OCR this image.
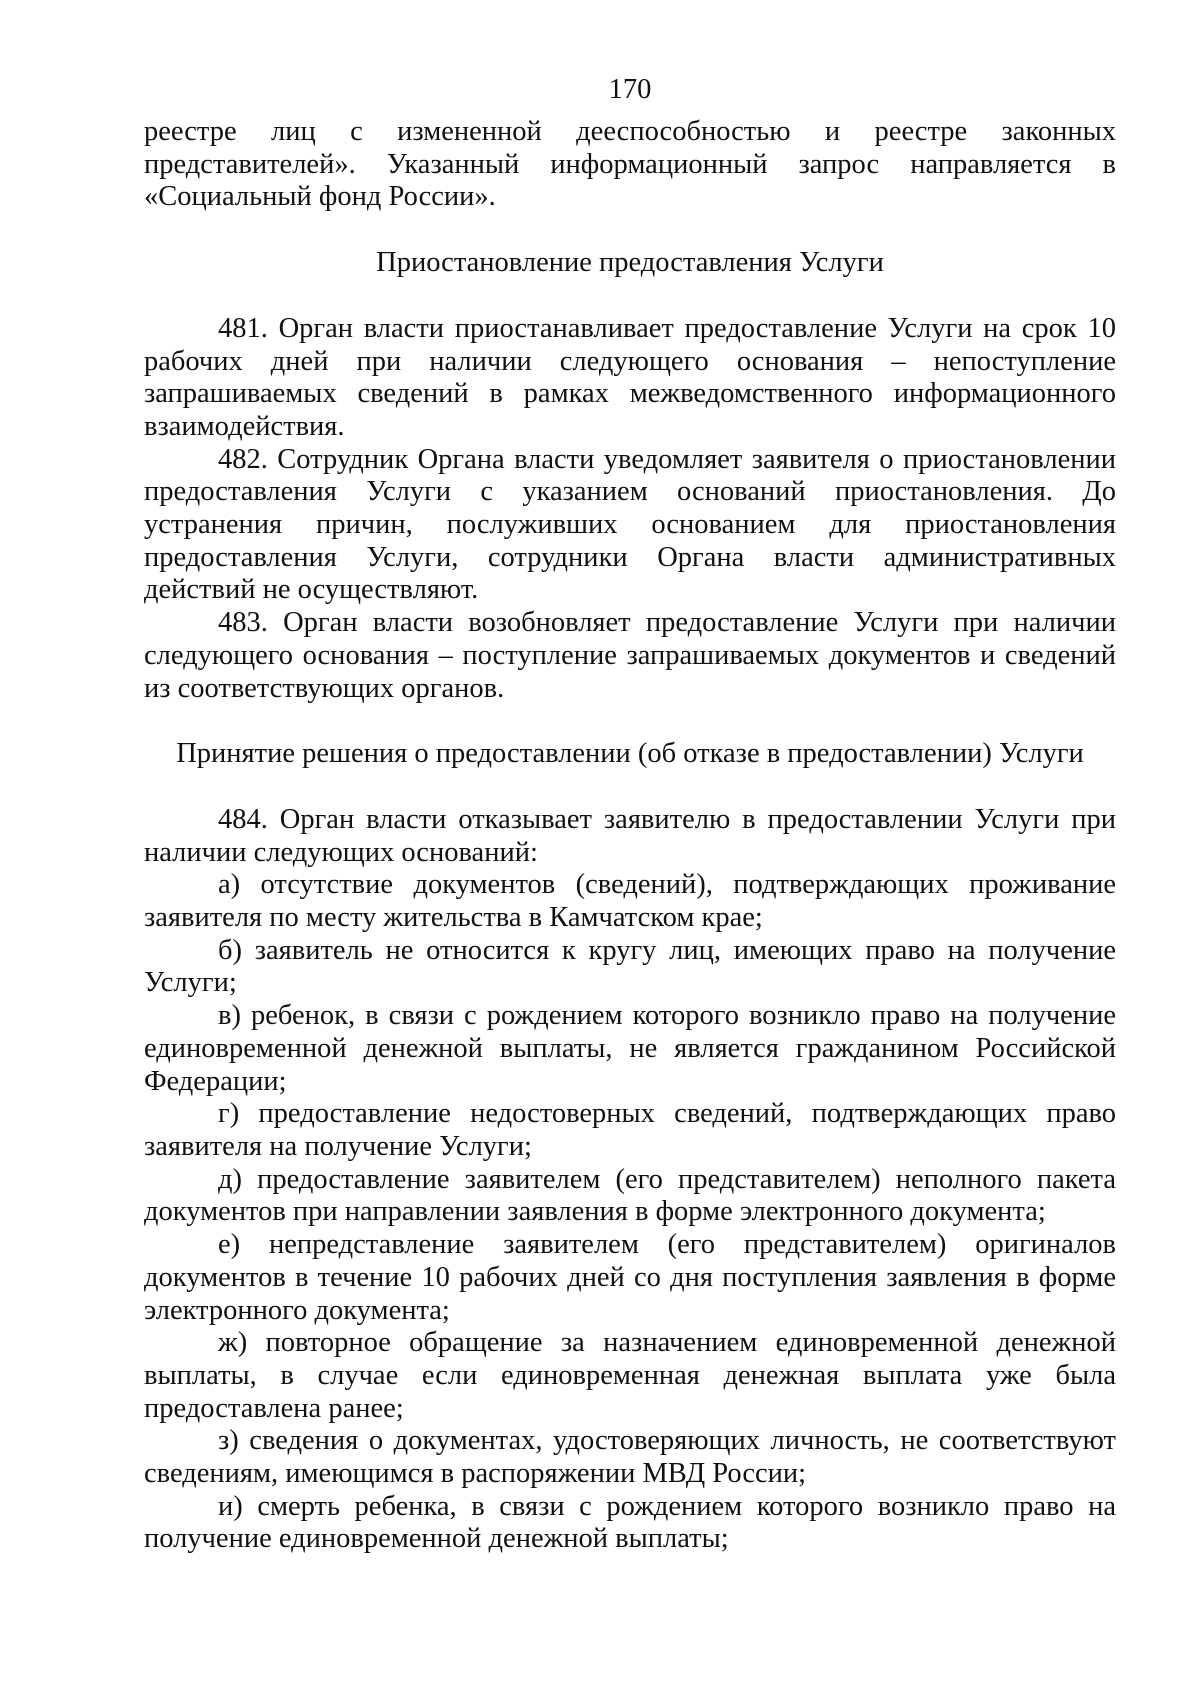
170

реестре лиц с измененной дееспособностью и реестре законных представителей». Указанный информационный запрос направляется в «Социальный фонд России».

Приостановление предоставления Услуги

481. Орган власти приостанавливает предоставление Услуги на срок 10 рабочих дней при наличии следующего основания – непоступление запрашиваемых сведений в рамках межведомственного информационного взаимодействия.

482. Сотрудник Органа власти уведомляет заявителя о приостановлении предоставления Услуги с указанием оснований приостановления. До устранения причин, послуживших основанием для приостановления предоставления Услуги, сотрудники Органа власти административных действий не осуществляют.

483. Орган власти возобновляет предоставление Услуги при наличии следующего основания – поступление запрашиваемых документов и сведений из соответствующих органов.

Принятие решения о предоставлении (об отказе в предоставлении) Услуги

484. Орган власти отказывает заявителю в предоставлении Услуги при наличии следующих оснований:

а) отсутствие документов (сведений), подтверждающих проживание заявителя по месту жительства в Камчатском крае;

б) заявитель не относится к кругу лиц, имеющих право на получение Услуги;

в) ребенок, в связи с рождением которого возникло право на получение единовременной денежной выплаты, не является гражданином Российской Федерации;

г) предоставление недостоверных сведений, подтверждающих право заявителя на получение Услуги;

д) предоставление заявителем (его представителем) неполного пакета документов при направлении заявления в форме электронного документа;

е) непредставление заявителем (его представителем) оригиналов документов в течение 10 рабочих дней со дня поступления заявления в форме электронного документа;

ж) повторное обращение за назначением единовременной денежной выплаты, в случае если единовременная денежная выплата уже была предоставлена ранее;

з) сведения о документах, удостоверяющих личность, не соответствуют сведениям, имеющимся в распоряжении МВД России;

и) смерть ребенка, в связи с рождением которого возникло право на получение единовременной денежной выплаты;
